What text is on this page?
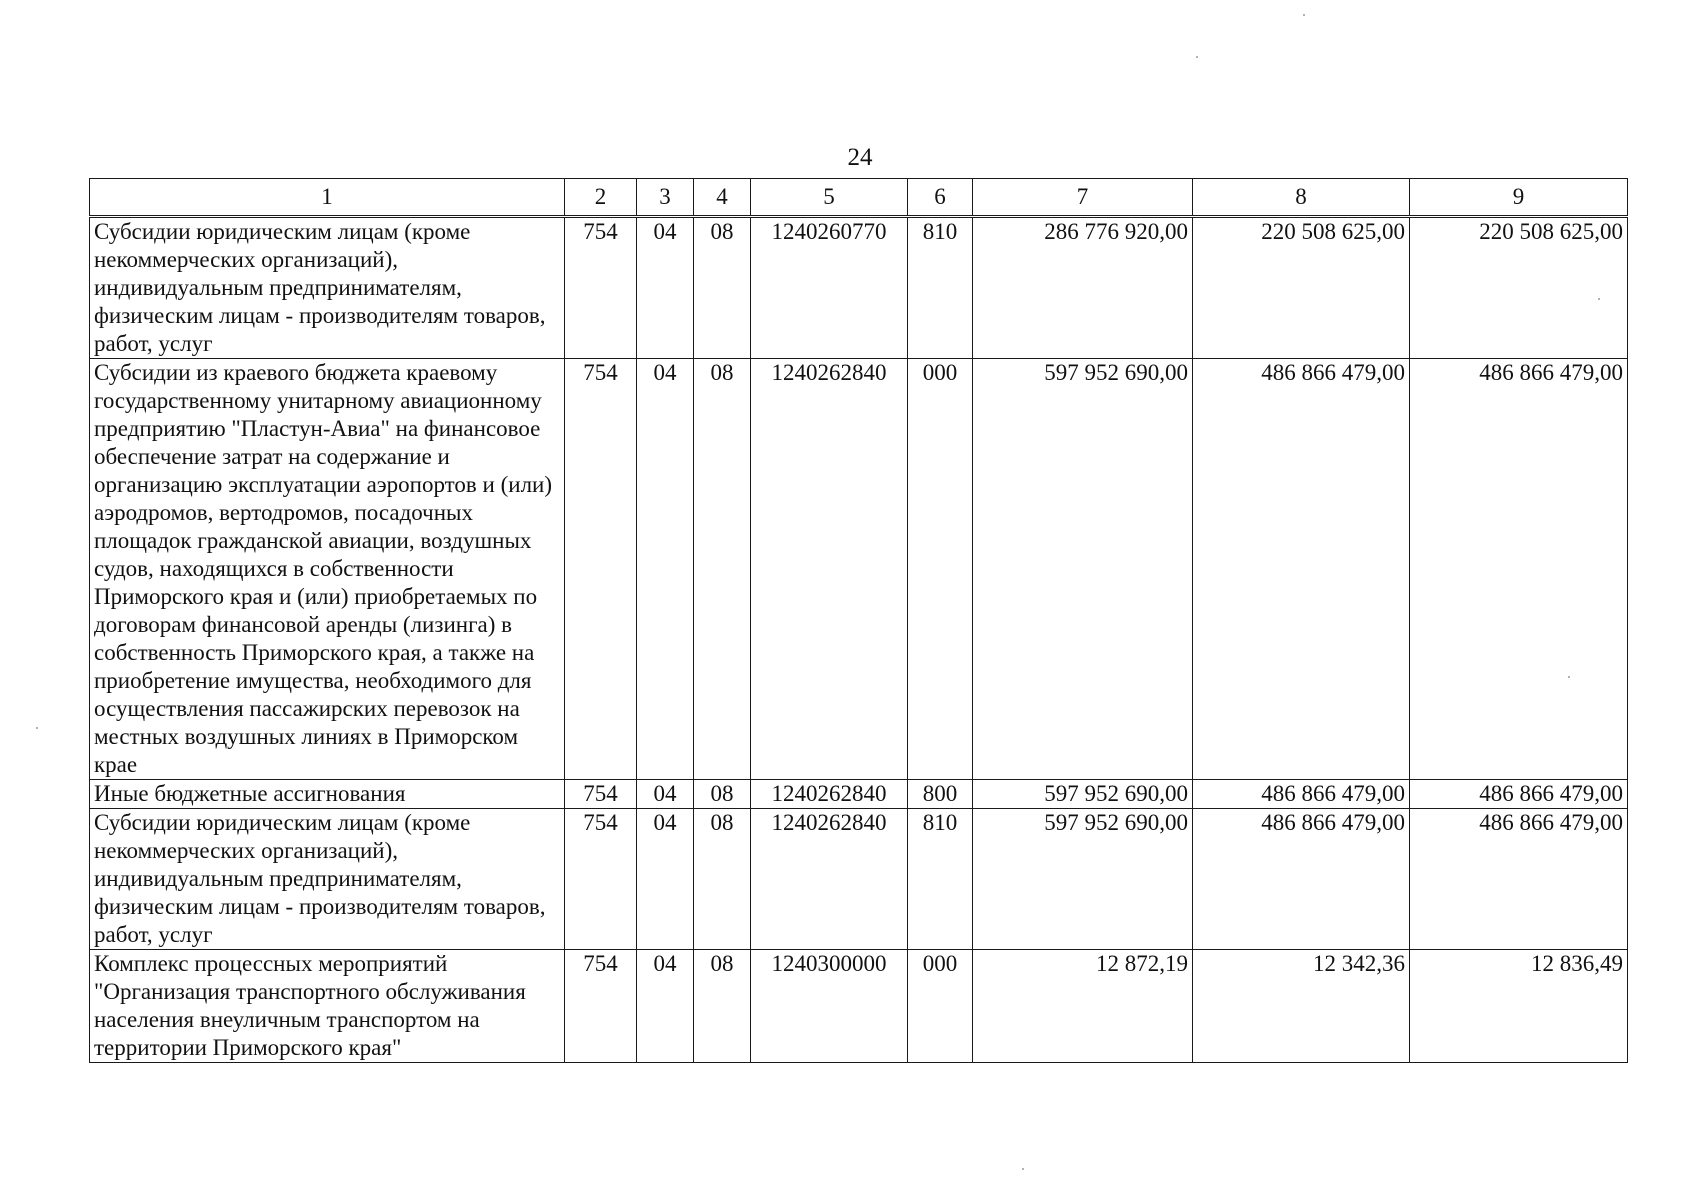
24
1	2	3	4	5	6	7	8	9
Субсидии юридическим лицам (кроме некоммерческих организаций), индивидуальным предпринимателям, физическим лицам - производителям товаров, работ, услуг	754	04	08	1240260770	810	286 776 920,00	220 508 625,00	220 508 625,00
Субсидии из краевого бюджета краевому государственному унитарному авиационному предприятию "Пластун-Авиа" на финансовое обеспечение затрат на содержание и организацию эксплуатации аэропортов и (или) аэродромов, вертодромов, посадочных площадок гражданской авиации, воздушных судов, находящихся в собственности Приморского края и (или) приобретаемых по договорам финансовой аренды (лизинга) в собственность Приморского края, а также на приобретение имущества, необходимого для осуществления пассажирских перевозок на местных воздушных линиях в Приморском крае	754	04	08	1240262840	000	597 952 690,00	486 866 479,00	486 866 479,00
Иные бюджетные ассигнования	754	04	08	1240262840	800	597 952 690,00	486 866 479,00	486 866 479,00
Субсидии юридическим лицам (кроме некоммерческих организаций), индивидуальным предпринимателям, физическим лицам - производителям товаров, работ, услуг	754	04	08	1240262840	810	597 952 690,00	486 866 479,00	486 866 479,00
Комплекс процессных мероприятий "Организация транспортного обслуживания населения внеуличным транспортом на территории Приморского края"	754	04	08	1240300000	000	12 872,19	12 342,36	12 836,49
